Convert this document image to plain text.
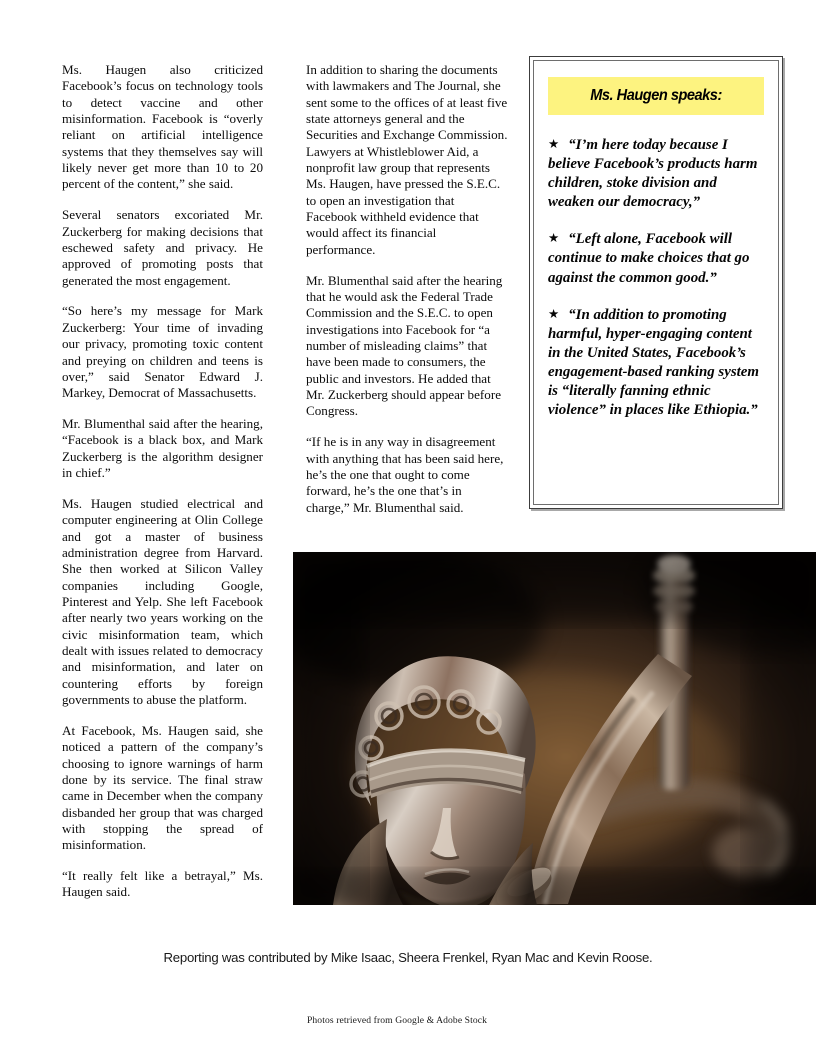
Ms. Haugen also criticized Facebook’s focus on technology tools to detect vaccine and other misinformation. Facebook is “overly reliant on artificial intelligence systems that they themselves say will likely never get more than 10 to 20 percent of the content,” she said.

Several senators excoriated Mr. Zuckerberg for making decisions that eschewed safety and privacy. He approved of promoting posts that generated the most engagement.

“So here’s my message for Mark Zuckerberg: Your time of invading our privacy, promoting toxic content and preying on children and teens is over,” said Senator Edward J. Markey, Democrat of Massachusetts.

Mr. Blumenthal said after the hearing, “Facebook is a black box, and Mark Zuckerberg is the algorithm designer in chief.”

Ms. Haugen studied electrical and computer engineering at Olin College and got a master of business administration degree from Harvard. She then worked at Silicon Valley companies including Google, Pinterest and Yelp. She left Facebook after nearly two years working on the civic misinformation team, which dealt with issues related to democracy and misinformation, and later on countering efforts by foreign governments to abuse the platform.

At Facebook, Ms. Haugen said, she noticed a pattern of the company’s choosing to ignore warnings of harm done by its service. The final straw came in December when the company disbanded her group that was charged with stopping the spread of misinformation.

“It really felt like a betrayal,” Ms. Haugen said.

In addition to sharing the documents with lawmakers and The Journal, she sent some to the offices of at least five state attorneys general and the Securities and Exchange Commission. Lawyers at Whistleblower Aid, a nonprofit law group that represents Ms. Haugen, have pressed the S.E.C. to open an investigation that Facebook withheld evidence that would affect its financial performance.

Mr. Blumenthal said after the hearing that he would ask the Federal Trade Commission and the S.E.C. to open investigations into Facebook for “a number of misleading claims” that have been made to consumers, the public and investors. He added that Mr. Zuckerberg should appear before Congress.

“If he is in any way in disagreement with anything that has been said here, he’s the one that ought to come forward, he’s the one that’s in charge,” Mr. Blumenthal said.

Ms. Haugen speaks:
★ “I’m here today because I believe Facebook’s products harm children, stoke division and weaken our democracy,”
★ “Left alone, Facebook will continue to make choices that go against the common good.”
★ “In addition to promoting harmful, hyper-engaging content in the United States, Facebook’s engagement-based ranking system is “literally fanning ethnic violence” in places like Ethiopia.”
Reporting was contributed by Mike Isaac, Sheera Frenkel, Ryan Mac and Kevin Roose.
Photos retrieved from Google & Adobe Stock
